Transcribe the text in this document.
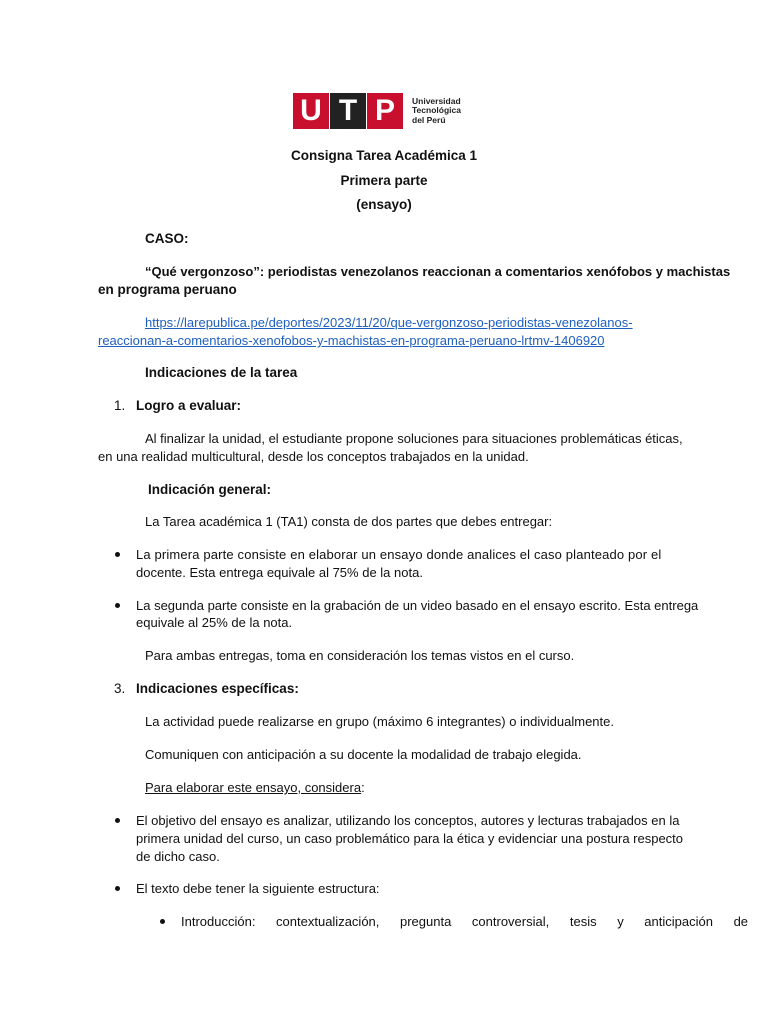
U T P	Universidad
Tecnológica
del Perú
Consigna Tarea Académica 1
Primera parte
(ensayo)
CASO:
“Qué vergonzoso”: periodistas venezolanos reaccionan a comentarios xenófobos y machistas
en programa peruano
https://larepublica.pe/deportes/2023/11/20/que-vergonzoso-periodistas-venezolanos-
reaccionan-a-comentarios-xenofobos-y-machistas-en-programa-peruano-lrtmv-1406920
Indicaciones de la tarea
1. Logro a evaluar:
Al finalizar la unidad, el estudiante propone soluciones para situaciones problemáticas éticas,
en una realidad multicultural, desde los conceptos trabajados en la unidad.
Indicación general:
La Tarea académica 1 (TA1) consta de dos partes que debes entregar:
La primera parte consiste en elaborar un ensayo donde analices el caso planteado por el
docente. Esta entrega equivale al 75% de la nota.
La segunda parte consiste en la grabación de un video basado en el ensayo escrito. Esta entrega
equivale al 25% de la nota.
Para ambas entregas, toma en consideración los temas vistos en el curso.
3. Indicaciones específicas:
La actividad puede realizarse en grupo (máximo 6 integrantes) o individualmente.
Comuniquen con anticipación a su docente la modalidad de trabajo elegida.
Para elaborar este ensayo, considera:
El objetivo del ensayo es analizar, utilizando los conceptos, autores y lecturas trabajados en la
primera unidad del curso, un caso problemático para la ética y evidenciar una postura respecto
de dicho caso.
El texto debe tener la siguiente estructura:
Introducción: contextualización, pregunta controversial, tesis y anticipación de
